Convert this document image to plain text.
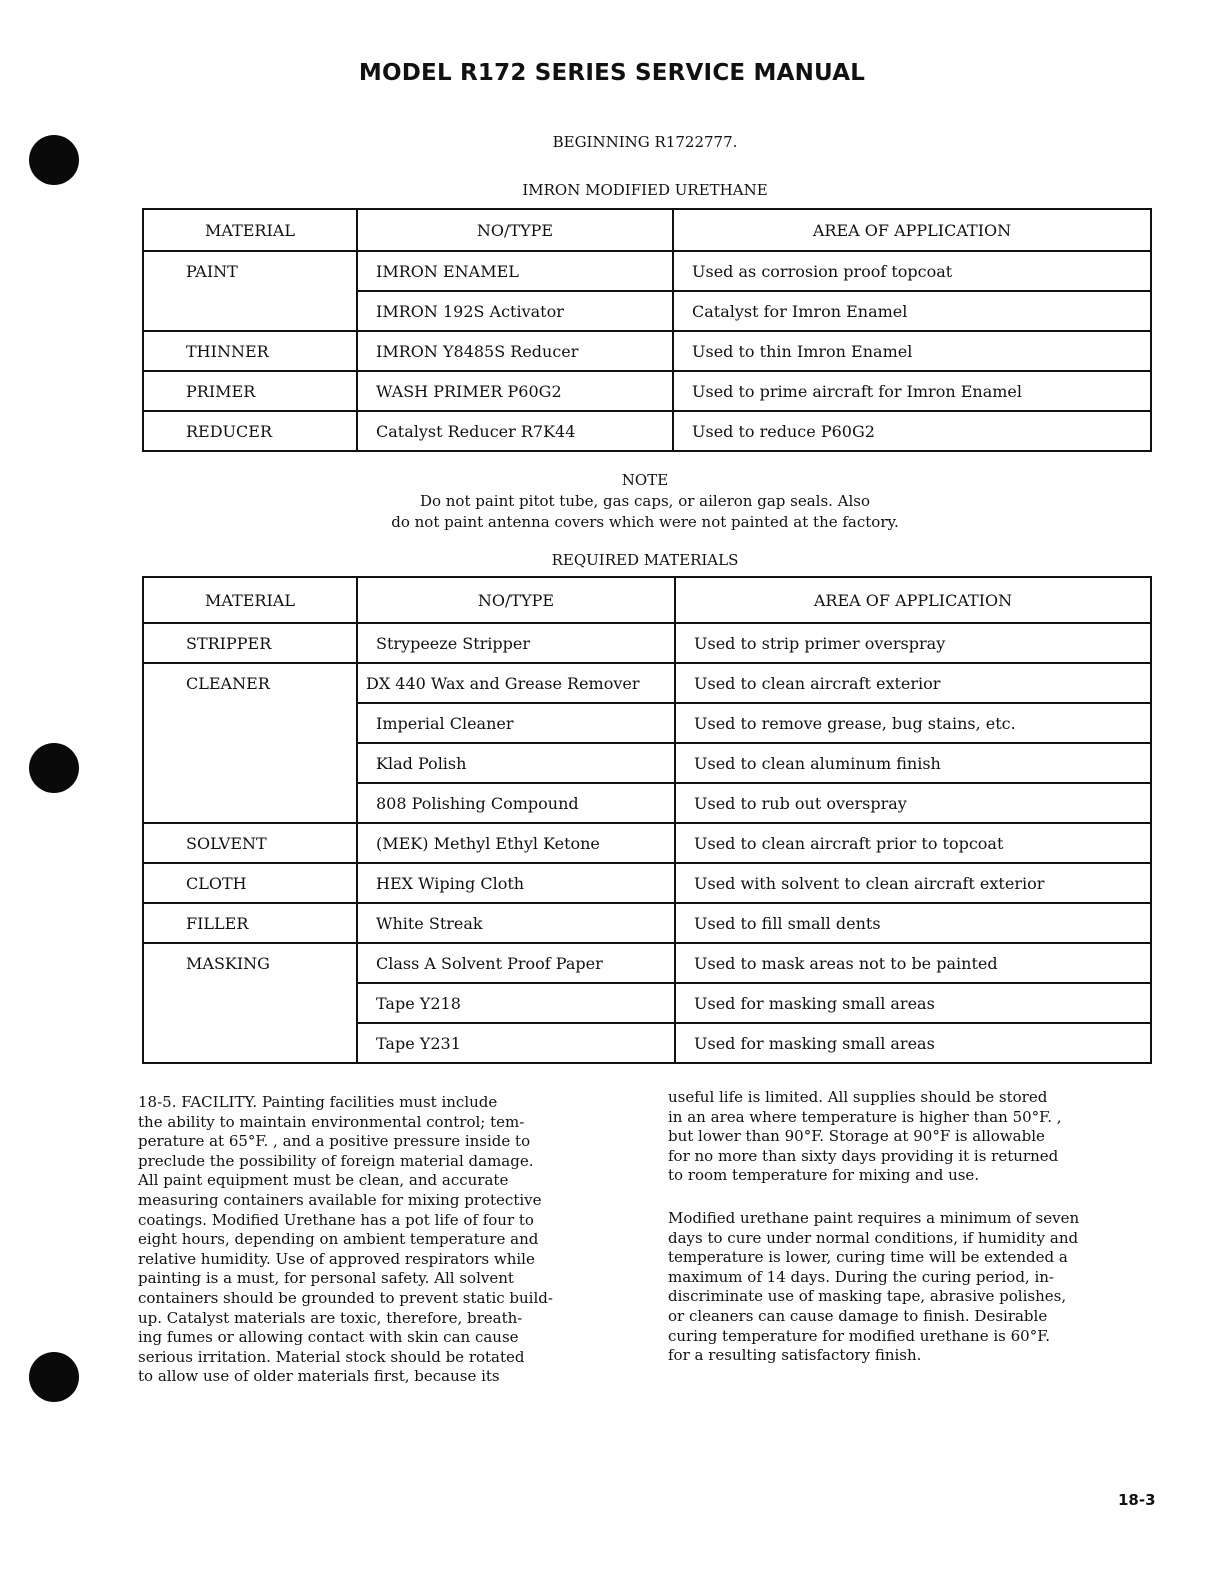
MODEL R172 SERIES SERVICE MANUAL
BEGINNING R1722777.
IMRON MODIFIED URETHANE
MATERIAL	NO/TYPE	AREA OF APPLICATION
PAINT	IMRON ENAMEL	Used as corrosion proof topcoat
	IMRON 192S Activator	Catalyst for Imron Enamel
THINNER	IMRON Y8485S Reducer	Used to thin Imron Enamel
PRIMER	WASH PRIMER P60G2	Used to prime aircraft for Imron Enamel
REDUCER	Catalyst Reducer R7K44	Used to reduce P60G2
NOTE
Do not paint pitot tube, gas caps, or aileron gap seals. Also
do not paint antenna covers which were not painted at the factory.
REQUIRED MATERIALS
MATERIAL	NO/TYPE	AREA OF APPLICATION
STRIPPER	Strypeeze Stripper	Used to strip primer overspray
CLEANER	DX 440 Wax and Grease Remover	Used to clean aircraft exterior
	Imperial Cleaner	Used to remove grease, bug stains, etc.
	Klad Polish	Used to clean aluminum finish
	808 Polishing Compound	Used to rub out overspray
SOLVENT	(MEK) Methyl Ethyl Ketone	Used to clean aircraft prior to topcoat
CLOTH	HEX Wiping Cloth	Used with solvent to clean aircraft exterior
FILLER	White Streak	Used to fill small dents
MASKING	Class A Solvent Proof Paper	Used to mask areas not to be painted
	Tape Y218	Used for masking small areas
	Tape Y231	Used for masking small areas
18-5. FACILITY. Painting facilities must include
the ability to maintain environmental control; tem-
perature at 65°F. , and a positive pressure inside to
preclude the possibility of foreign material damage.
All paint equipment must be clean, and accurate
measuring containers available for mixing protective
coatings. Modified Urethane has a pot life of four to
eight hours, depending on ambient temperature and
relative humidity. Use of approved respirators while
painting is a must, for personal safety. All solvent
containers should be grounded to prevent static build-
up. Catalyst materials are toxic, therefore, breath-
ing fumes or allowing contact with skin can cause
serious irritation. Material stock should be rotated
to allow use of older materials first, because its
useful life is limited. All supplies should be stored
in an area where temperature is higher than 50°F. ,
but lower than 90°F. Storage at 90°F is allowable
for no more than sixty days providing it is returned
to room temperature for mixing and use.
Modified urethane paint requires a minimum of seven
days to cure under normal conditions, if humidity and
temperature is lower, curing time will be extended a
maximum of 14 days. During the curing period, in-
discriminate use of masking tape, abrasive polishes,
or cleaners can cause damage to finish. Desirable
curing temperature for modified urethane is 60°F.
for a resulting satisfactory finish.
18-3
